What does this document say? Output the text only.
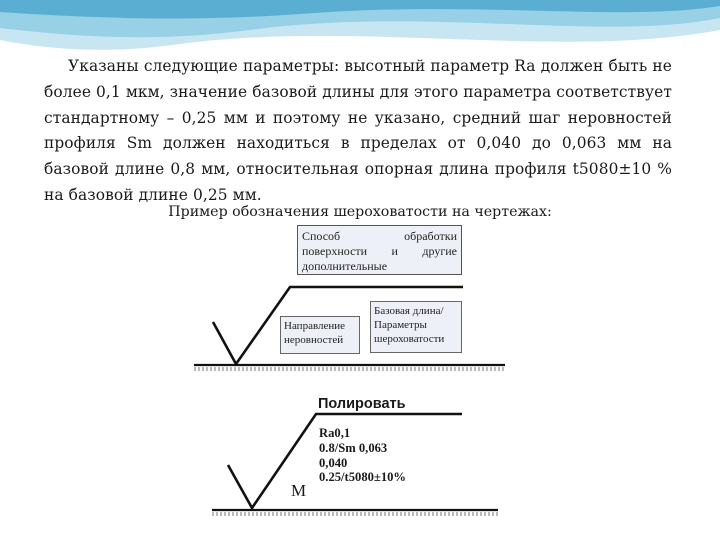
Указаны следующие параметры: высотный параметр Ra должен быть не более 0,1 мкм, значение базовой длины для этого параметра соответствует стандартному – 0,25 мм и поэтому не указано, средний шаг неровностей профиля Sm должен находиться в пределах от 0,040 до 0,063 мм на базовой длине 0,8 мм, относительная опорная длина профиля t5080±10 % на базовой длине 0,25 мм.

Пример обозначения шероховатости на чертежах:
Способ обработки поверхности и другие дополнительные
Направление неровностей
Базовая длина/ Параметры шероховатости
Полировать
Ra0,1
0.8/Sm 0,063
0,040
0.25/t5080±10%
М
